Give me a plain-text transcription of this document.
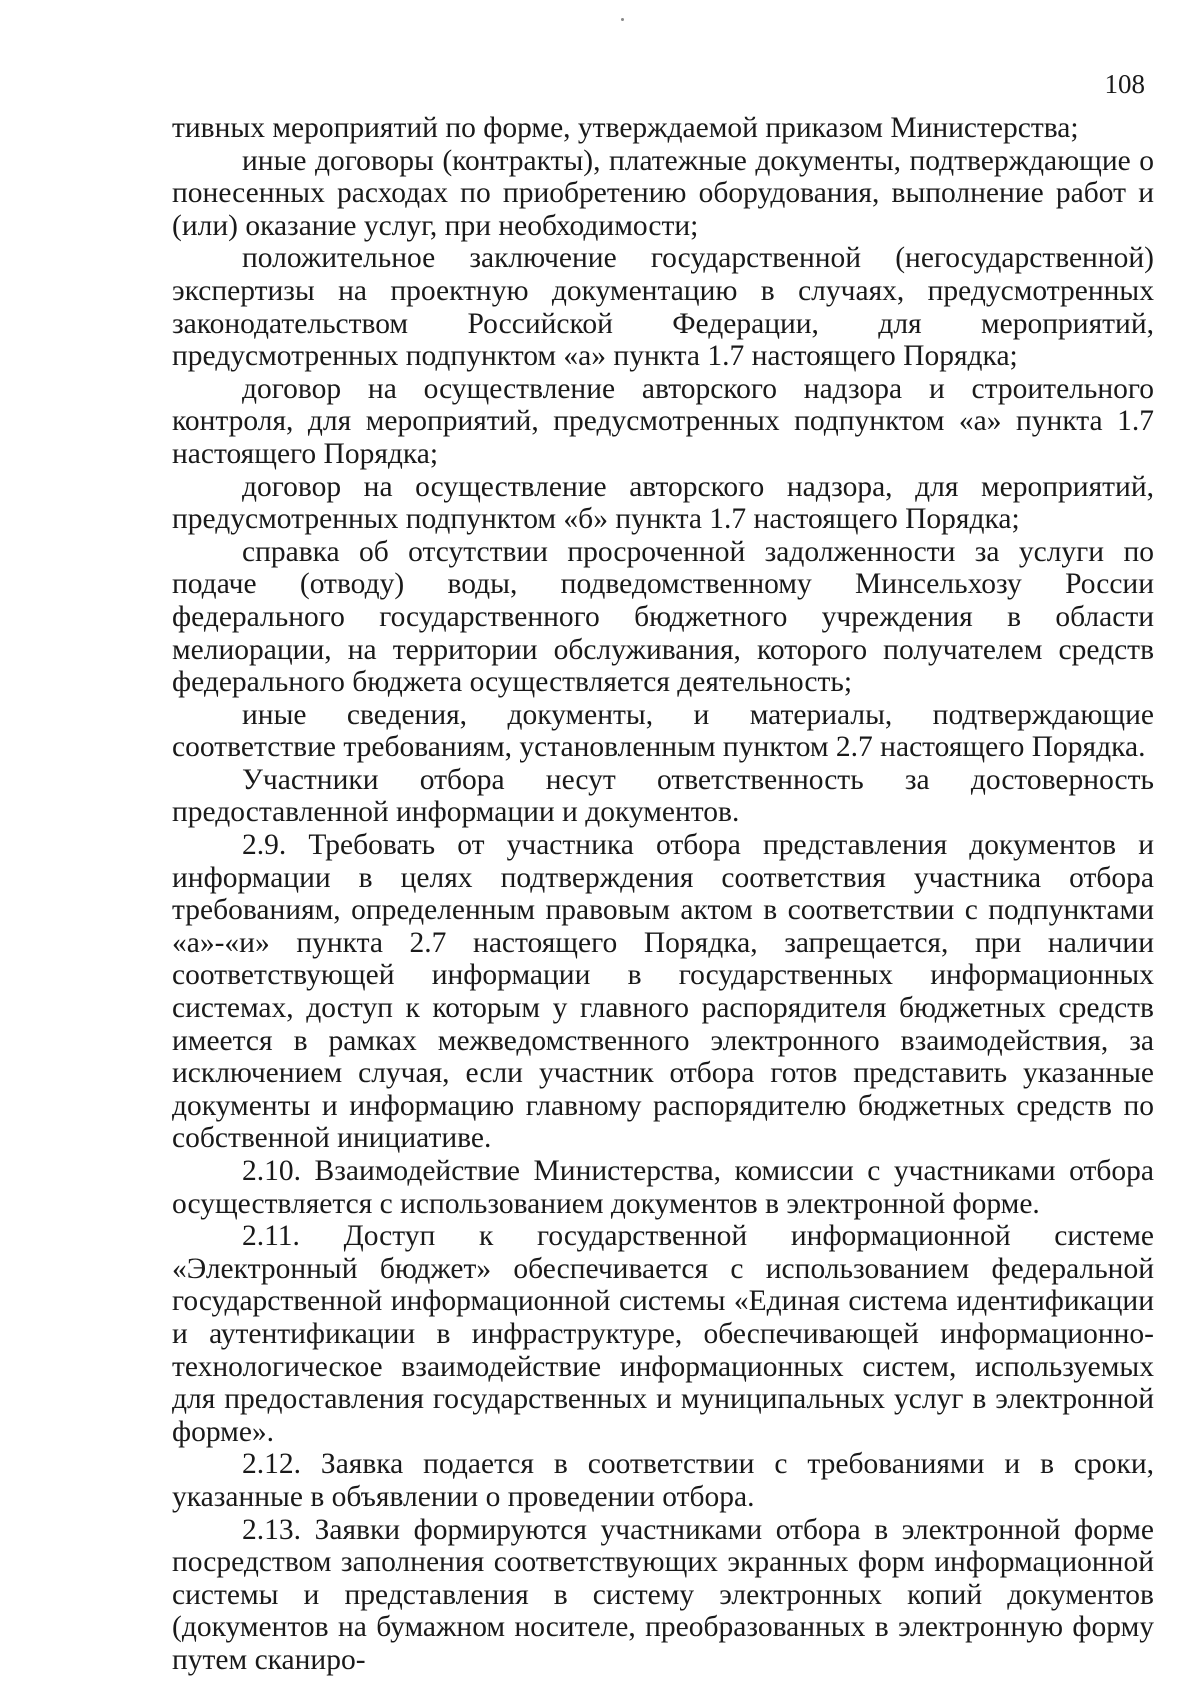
108

тивных мероприятий по форме, утверждаемой приказом Министерства;

иные договоры (контракты), платежные документы, подтверждающие о понесенных расходах по приобретению оборудования, выполнение работ и (или) оказание услуг, при необходимости;

положительное заключение государственной (негосударственной) экспертизы на проектную документацию в случаях, предусмотренных законодательством Российской Федерации, для мероприятий, предусмотренных подпунктом «а» пункта 1.7 настоящего Порядка;

договор на осуществление авторского надзора и строительного контроля, для мероприятий, предусмотренных подпунктом «а» пункта 1.7 настоящего Порядка;

договор на осуществление авторского надзора, для мероприятий, предусмотренных подпунктом «б» пункта 1.7 настоящего Порядка;

справка об отсутствии просроченной задолженности за услуги по подаче (отводу) воды, подведомственному Минсельхозу России федерального государственного бюджетного учреждения в области мелиорации, на территории обслуживания, которого получателем средств федерального бюджета осуществляется деятельность;

иные сведения, документы, и материалы, подтверждающие соответствие требованиям, установленным пунктом 2.7 настоящего Порядка.

Участники отбора несут ответственность за достоверность предоставленной информации и документов.

2.9. Требовать от участника отбора представления документов и информации в целях подтверждения соответствия участника отбора требованиям, определенным правовым актом в соответствии с подпунктами «а»-«и» пункта 2.7 настоящего Порядка, запрещается, при наличии соответствующей информации в государственных информационных системах, доступ к которым у главного распорядителя бюджетных средств имеется в рамках межведомственного электронного взаимодействия, за исключением случая, если участник отбора готов представить указанные документы и информацию главному распорядителю бюджетных средств по собственной инициативе.

2.10. Взаимодействие Министерства, комиссии с участниками отбора осуществляется с использованием документов в электронной форме.

2.11. Доступ к государственной информационной системе «Электронный бюджет» обеспечивается с использованием федеральной государственной информационной системы «Единая система идентификации и аутентификации в инфраструктуре, обеспечивающей информационно-технологическое взаимодействие информационных систем, используемых для предоставления государственных и муниципальных услуг в электронной форме».

2.12. Заявка подается в соответствии с требованиями и в сроки, указанные в объявлении о проведении отбора.

2.13. Заявки формируются участниками отбора в электронной форме посредством заполнения соответствующих экранных форм информационной системы и представления в систему электронных копий документов (документов на бумажном носителе, преобразованных в электронную форму путем сканиро-
